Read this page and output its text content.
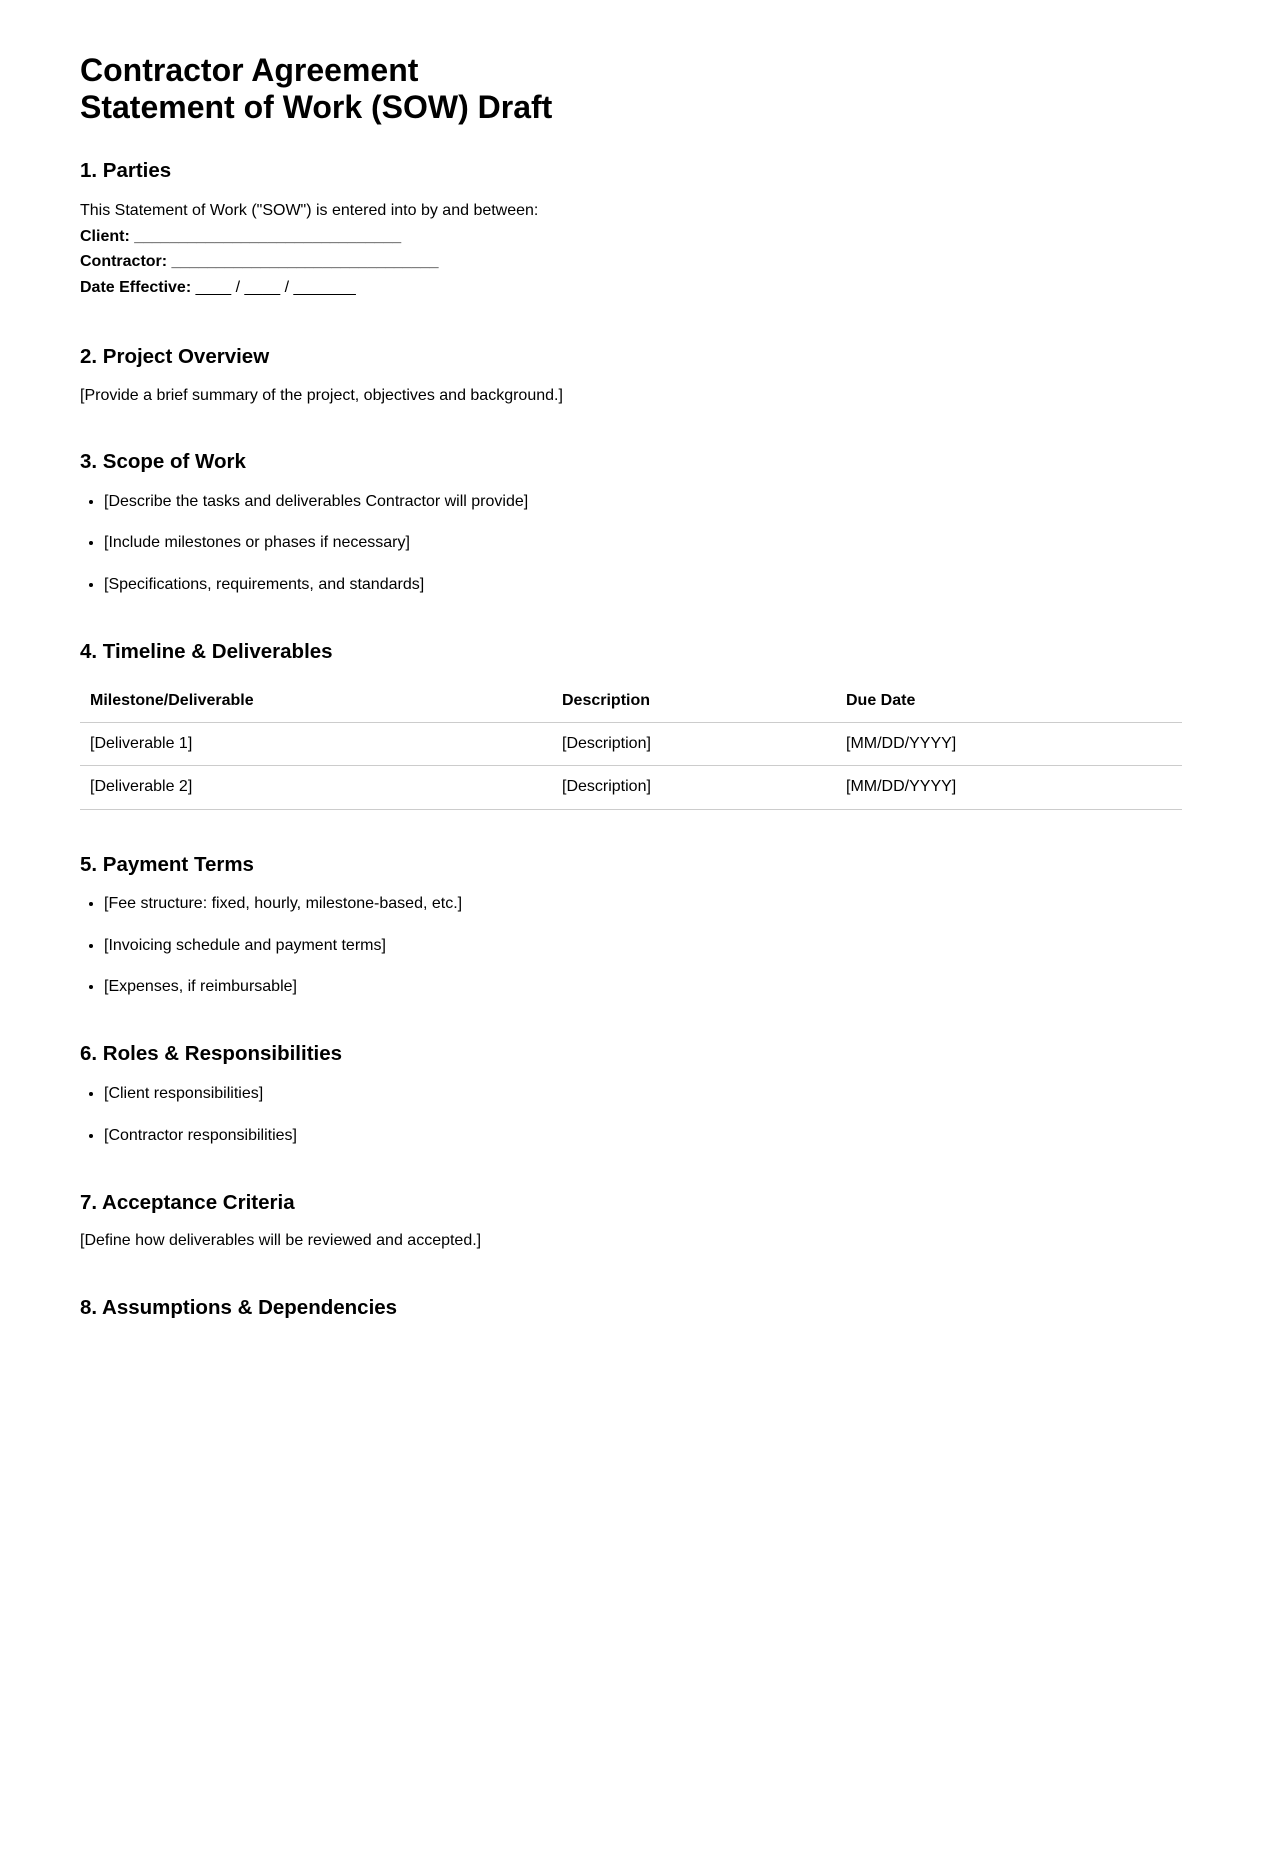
Contractor Agreement
Statement of Work (SOW) Draft
1. Parties

This Statement of Work ("SOW") is entered into by and between:

Client: ______________________________

Contractor: ______________________________

Date Effective: ____ / ____ / _______

2. Project Overview

[Provide a brief summary of the project, objectives and background.]

3. Scope of Work
• [Describe the tasks and deliverables Contractor will provide]
• [Include milestones or phases if necessary]
• [Specifications, requirements, and standards]
4. Timeline & Deliverables
Milestone/Deliverable	Description	Due Date
[Deliverable 1]	[Description]	[MM/DD/YYYY]
[Deliverable 2]	[Description]	[MM/DD/YYYY]
5. Payment Terms
• [Fee structure: fixed, hourly, milestone-based, etc.]
• [Invoicing schedule and payment terms]
• [Expenses, if reimbursable]
6. Roles & Responsibilities
• [Client responsibilities]
• [Contractor responsibilities]
7. Acceptance Criteria

[Define how deliverables will be reviewed and accepted.]

8. Assumptions & Dependencies
